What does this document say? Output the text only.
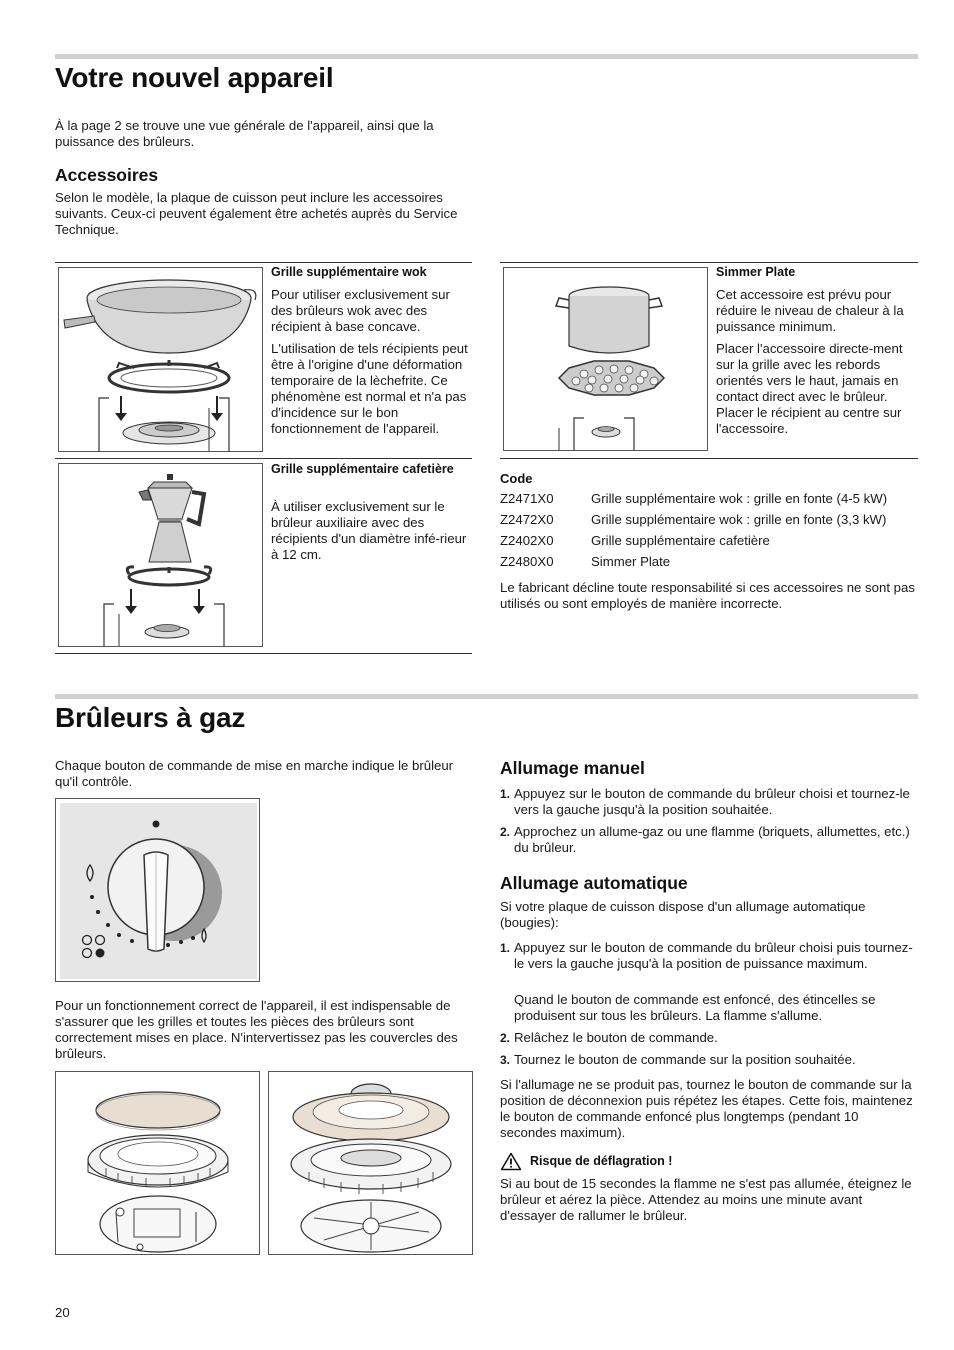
Votre nouvel appareil

À la page 2 se trouve une vue générale de l'appareil, ainsi que la puissance des brûleurs.

Accessoires

Selon le modèle, la plaque de cuisson peut inclure les accessoires suivants. Ceux-ci peuvent également être achetés auprès du Service Technique.

Grille supplémentaire wok

Pour utiliser exclusivement sur des brûleurs wok avec des récipient à base concave.

L'utilisation de tels récipients peut être à l'origine d'une déformation temporaire de la lèchefrite. Ce phénomène est normal et n'a pas d'incidence sur le bon fonctionnement de l'appareil.

Grille supplémentaire cafetière

À utiliser exclusivement sur le brûleur auxiliaire avec des récipients d'un diamètre infé-rieur à 12 cm.

Simmer Plate

Cet accessoire est prévu pour réduire le niveau de chaleur à la puissance minimum.

Placer l'accessoire directe-ment sur la grille avec les rebords orientés vers le haut, jamais en contact direct avec le brûleur. Placer le récipient au centre sur l'accessoire.

Code
Z2471X0	Grille supplémentaire wok : grille en fonte (4-5 kW)
Z2472X0	Grille supplémentaire wok : grille en fonte (3,3 kW)
Z2402X0	Grille supplémentaire cafetière
Z2480X0	Simmer Plate

Le fabricant décline toute responsabilité si ces accessoires ne sont pas utilisés ou sont employés de manière incorrecte.

Brûleurs à gaz

Chaque bouton de commande de mise en marche indique le brûleur qu'il contrôle.

Pour un fonctionnement correct de l'appareil, il est indispensable de s'assurer que les grilles et toutes les pièces des brûleurs sont correctement mises en place. N'intervertissez pas les couvercles des brûleurs.

Allumage manuel
1. Appuyez sur le bouton de commande du brûleur choisi et tournez-le vers la gauche jusqu'à la position souhaitée.
2. Approchez un allume-gaz ou une flamme (briquets, allumettes, etc.) du brûleur.
Allumage automatique

Si votre plaque de cuisson dispose d'un allumage automatique (bougies):

1. Appuyez sur le bouton de commande du brûleur choisi puis tournez-le vers la gauche jusqu'à la position de puissance maximum.
Quand le bouton de commande est enfoncé, des étincelles se produisent sur tous les brûleurs. La flamme s'allume.
2. Relâchez le bouton de commande.
3. Tournez le bouton de commande sur la position souhaitée.

Si l'allumage ne se produit pas, tournez le bouton de commande sur la position de déconnexion puis répétez les étapes. Cette fois, maintenez le bouton de commande enfoncé plus longtemps (pendant 10 secondes maximum).

Risque de déflagration !

Si au bout de 15 secondes la flamme ne s'est pas allumée, éteignez le brûleur et aérez la pièce. Attendez au moins une minute avant d'essayer de rallumer le brûleur.

20
